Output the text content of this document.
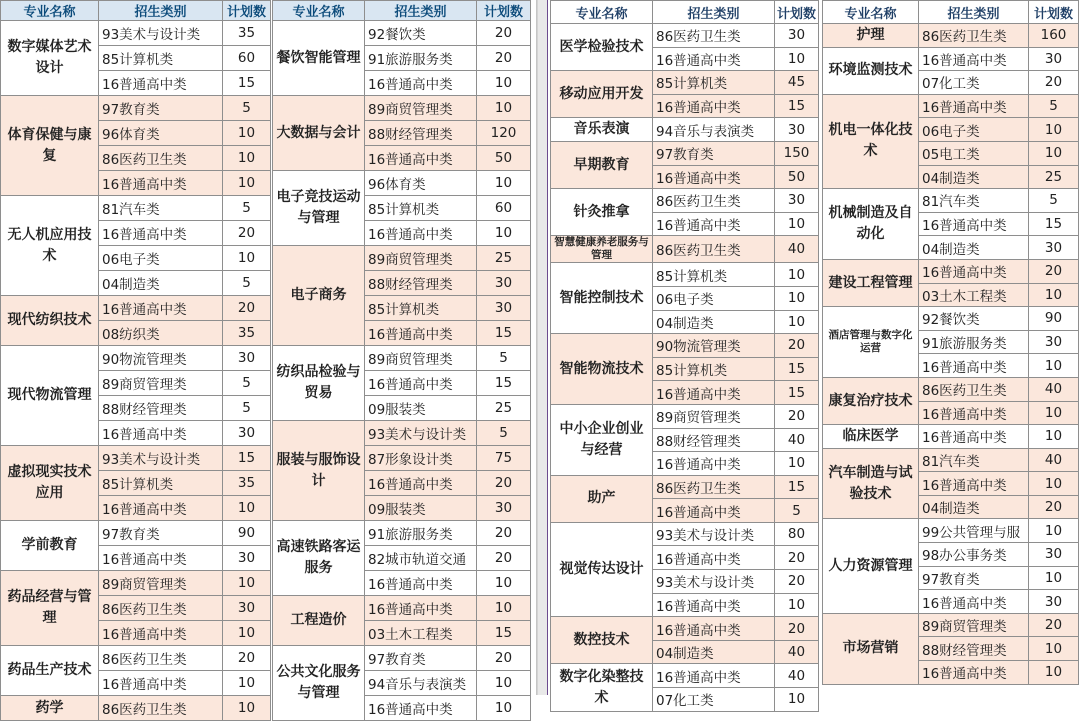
专业名称	招生类别	计划数
数字媒体艺术设计	93美术与设计类	35
	85计算机类	60
	16普通高中类	15
体育保健与康复	97教育类	5
	96体育类	10
	86医药卫生类	10
	16普通高中类	10
无人机应用技术	81汽车类	5
	16普通高中类	20
	06电子类	10
	04制造类	5
现代纺织技术	16普通高中类	20
	08纺织类	35
现代物流管理	90物流管理类	30
	89商贸管理类	5
	88财经管理类	5
	16普通高中类	30
虚拟现实技术应用	93美术与设计类	15
	85计算机类	35
	16普通高中类	10
学前教育	97教育类	90
	16普通高中类	30
药品经营与管理	89商贸管理类	10
	86医药卫生类	30
	16普通高中类	10
药品生产技术	86医药卫生类	20
	16普通高中类	10
药学	86医药卫生类	10
专业名称	招生类别	计划数
餐饮智能管理	92餐饮类	20
	91旅游服务类	20
	16普通高中类	10
大数据与会计	89商贸管理类	10
	88财经管理类	120
	16普通高中类	50
电子竞技运动与管理	96体育类	10
	85计算机类	60
	16普通高中类	10
电子商务	89商贸管理类	25
	88财经管理类	30
	85计算机类	30
	16普通高中类	15
纺织品检验与贸易	89商贸管理类	5
	16普通高中类	15
	09服装类	25
服装与服饰设计	93美术与设计类	5
	87形象设计类	75
	16普通高中类	20
	09服装类	30
高速铁路客运服务	91旅游服务类	20
	82城市轨道交通	20
	16普通高中类	10
工程造价	16普通高中类	10
	03土木工程类	15
公共文化服务与管理	97教育类	20
	94音乐与表演类	10
	16普通高中类	10
专业名称	招生类别	计划数
医学检验技术	86医药卫生类	30
	16普通高中类	10
移动应用开发	85计算机类	45
	16普通高中类	15
音乐表演	94音乐与表演类	30
早期教育	97教育类	150
	16普通高中类	50
针灸推拿	86医药卫生类	30
	16普通高中类	10
智慧健康养老服务与管理	86医药卫生类	40
智能控制技术	85计算机类	10
	06电子类	10
	04制造类	10
智能物流技术	90物流管理类	20
	85计算机类	15
	16普通高中类	15
中小企业创业与经营	89商贸管理类	20
	88财经管理类	40
	16普通高中类	10
助产	86医药卫生类	15
	16普通高中类	5
视觉传达设计	93美术与设计类	80
	16普通高中类	20
	93美术与设计类	20
	16普通高中类	10
数控技术	16普通高中类	20
	04制造类	40
数字化染整技术	16普通高中类	40
	07化工类	10
专业名称	招生类别	计划数
护理	86医药卫生类	160
环境监测技术	16普通高中类	30
	07化工类	20
机电一体化技术	16普通高中类	5
	06电子类	10
	05电工类	10
	04制造类	25
机械制造及自动化	81汽车类	5
	16普通高中类	15
	04制造类	30
建设工程管理	16普通高中类	20
	03土木工程类	10
酒店管理与数字化运营	92餐饮类	90
	91旅游服务类	30
	16普通高中类	10
康复治疗技术	86医药卫生类	40
	16普通高中类	10
临床医学	16普通高中类	10
汽车制造与试验技术	81汽车类	40
	16普通高中类	10
	04制造类	20
人力资源管理	99公共管理与服	10
	98办公事务类	30
	97教育类	10
	16普通高中类	30
市场营销	89商贸管理类	20
	88财经管理类	10
	16普通高中类	10
